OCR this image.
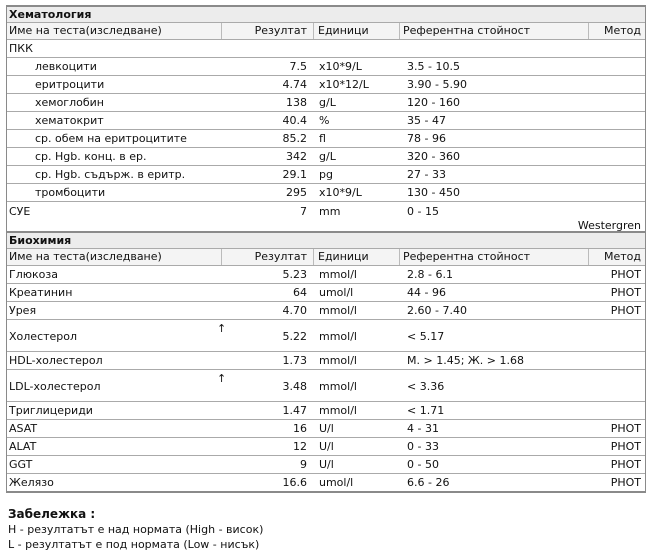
Хематология
Име на теста(изследване)	Резултат	Единици	Референтна стойност	Метод
ПКК
левкоцити	7.5 x10*9/L	3.5 - 10.5
еритроцити	4.74 x10*12/L	3.90 - 5.90
хемоглобин	138 g/L	120 - 160
хематокрит	40.4 %	35 - 47
ср. обем на еритроцитите	85.2 fl	78 - 96
ср. Hgb. конц. в ер.	342 g/L	320 - 360
ср. Hgb. съдърж. в еритр.	29.1 pg	27 - 33
тромбоцити	295 x10*9/L	130 - 450
СУЕ	7 mm	0 - 15
Westergren
Биохимия
Име на теста(изследване)	Резултат	Единици	Референтна стойност	Метод
Глюкоза	5.23 mmol/l	2.8 - 6.1	PHOT
Креатинин	64 umol/l	44 - 96	PHOT
Урея	4.70 mmol/l	2.60 - 7.40	PHOT
Холестерол	5.22 mmol/l	< 5.17
↑
HDL-холестерол	1.73 mmol/l	М. > 1.45; Ж. > 1.68
LDL-холестерол	3.48 mmol/l	< 3.36
↑
Триглицериди	1.47 mmol/l	< 1.71
ASAT	16 U/l	4 - 31	PHOT
ALAT	12 U/l	0 - 33	PHOT
GGT	9 U/l	0 - 50	PHOT
Желязо	16.6 umol/l	6.6 - 26	PHOT
Забележка :
H - резултатът е над нормата (High - висок)
L - резултатът е под нормата (Low - нисък)
